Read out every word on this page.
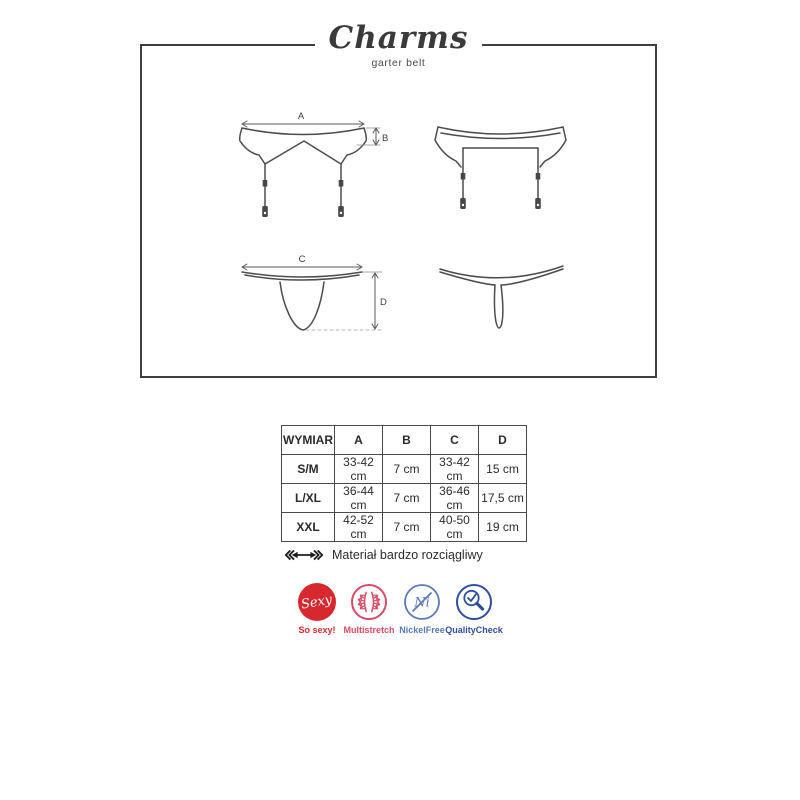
Charms
garter belt
A
B
C
D
WYMIAR	A	B	C	D
S/M	33-42 cm	7 cm	33-42 cm	15 cm
L/XL	36-44 cm	7 cm	36-46 cm	17,5 cm
XXL	42-52 cm	7 cm	40-50 cm	19 cm
Materiał bardzo rozciągliwy
Sexy
So sexy! Multistretch
Ni
NickelFree QualityCheck
